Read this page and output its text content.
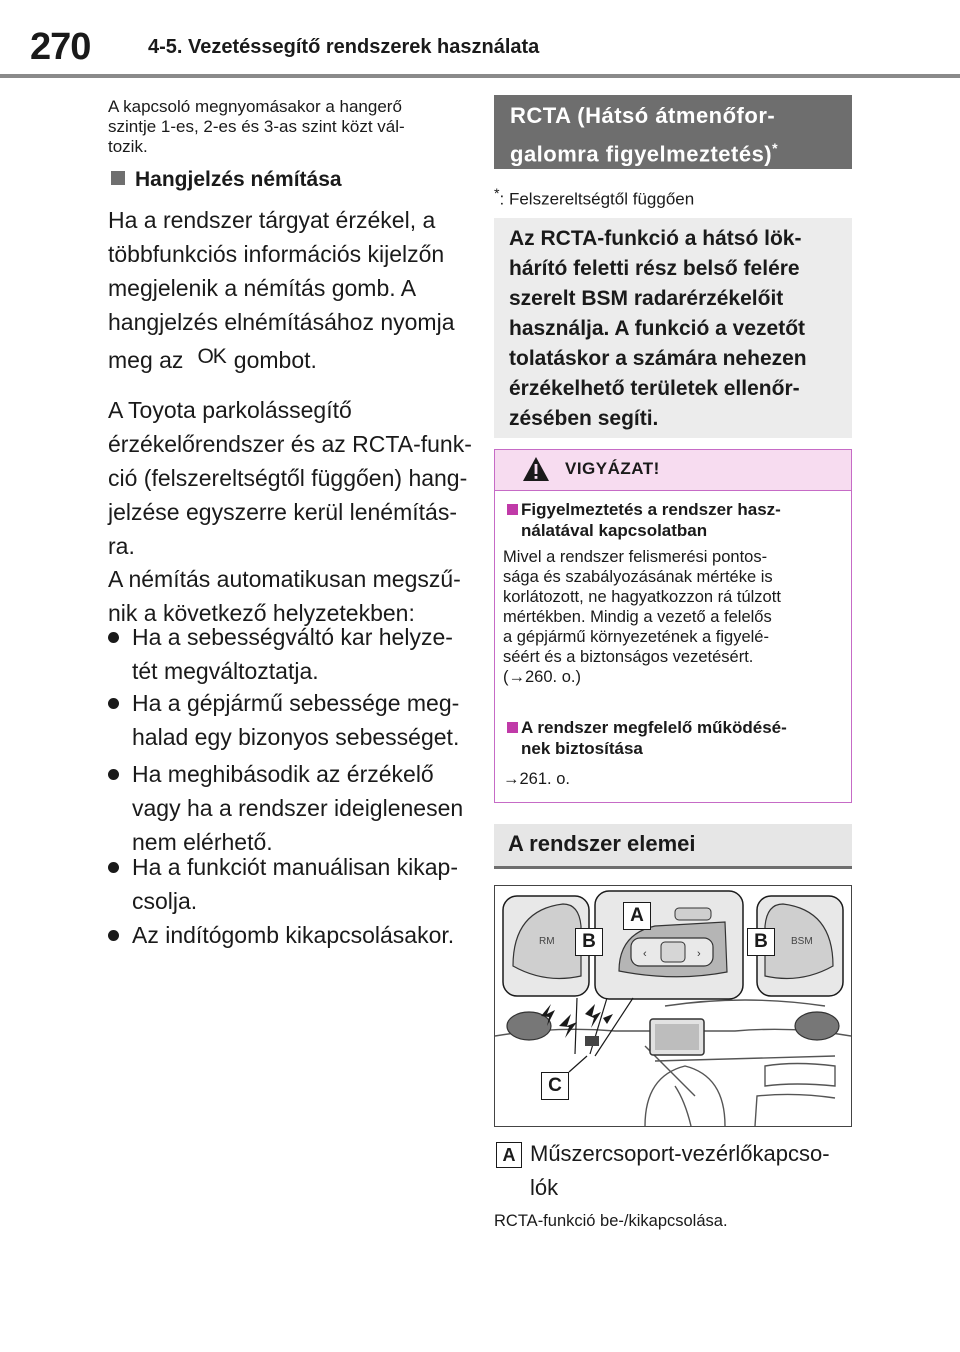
270	4-5. Vezetéssegítő rendszerek használata
A kapcsoló megnyomásakor a hangerő
szintje 1-es, 2-es és 3-as szint közt vál-
tozik.
Hangjelzés némítása
Ha a rendszer tárgyat érzékel, a
többfunkciós információs kijelzőn
megjelenik a némítás gomb. A
hangjelzés elnémításához nyomja
meg az OK gombot.
A Toyota parkolássegítő
érzékelőrendszer és az RCTA-funk-
ció (felszereltségtől függően) hang-
jelzése egyszerre kerül lenémítás-
ra.
A némítás automatikusan megszű-
nik a következő helyzetekben:
Ha a sebességváltó kar helyze-
tét megváltoztatja.
Ha a gépjármű sebessége meg-
halad egy bizonyos sebességet.
Ha meghibásodik az érzékelő
vagy ha a rendszer ideiglenesen
nem elérhető.
Ha a funkciót manuálisan kikap-
csolja.
Az indítógomb kikapcsolásakor.
RCTA (Hátsó átmenőfor-
galomra figyelmeztetés)*
*: Felszereltségtől függően
Az RCTA-funkció a hátsó lök-
hárító feletti rész belső felére
szerelt BSM radarérzékelőit
használja. A funkció a vezetőt
tolatáskor a számára nehezen
érzékelhető területek ellenőr-
zésében segíti.
VIGYÁZAT!
Figyelmeztetés a rendszer hasz-
nálatával kapcsolatban
Mivel a rendszer felismerési pontos-
sága és szabályozásának mértéke is
korlátozott, ne hagyatkozzon rá túlzott
mértékben. Mindig a vezető a felelős
a gépjármű környezetének a figyelé-
séért és a biztonságos vezetésért.
(→260. o.)
A rendszer megfelelő működésé-
nek biztosítása
→261. o.
A rendszer elemei
RM	BSM
‹	›
A
B	B
C
A Műszercsoport-vezérlőkapcso-
lók
RCTA-funkció be-/kikapcsolása.
